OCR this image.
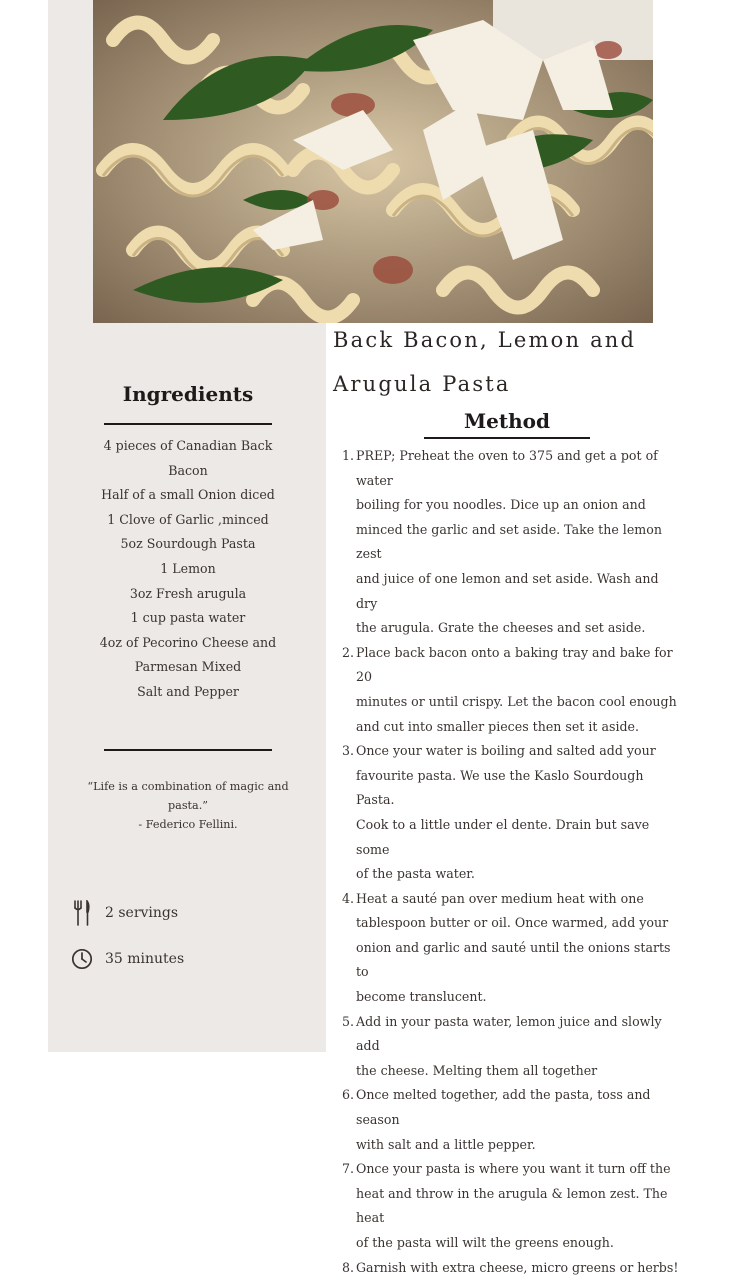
Back Bacon, Lemon and
Arugula Pasta
Ingredients
4 pieces of Canadian Back
Bacon
Half of a small Onion diced
1 Clove of Garlic ,minced
5oz Sourdough Pasta
1 Lemon
3oz Fresh arugula
1 cup pasta water
4oz of Pecorino Cheese and
Parmesan Mixed
Salt and Pepper

“Life is a combination of magic and

pasta.”

- Federico Fellini.

2 servings
35 minutes
Method
1. PREP; Preheat the oven to 375 and get a pot of water
boiling for you noodles. Dice up an onion and
minced the garlic and set aside. Take the lemon zest
and juice of one lemon and set aside. Wash and dry
the arugula. Grate the cheeses and set aside.
2. Place back bacon onto a baking tray and bake for 20
minutes or until crispy. Let the bacon cool enough
and cut into smaller pieces then set it aside.
3. Once your water is boiling and salted add your
favourite pasta. We use the Kaslo Sourdough Pasta.
Cook to a little under el dente. Drain but save some
of the pasta water.
4. Heat a sauté pan over medium heat with one
tablespoon butter or oil. Once warmed, add your
onion and garlic and sauté until the onions starts to
become translucent.
5. Add in your pasta water, lemon juice and slowly add
the cheese. Melting them all together
6. Once melted together, add the pasta, toss and season
with salt and a little pepper.
7. Once your pasta is where you want it turn off the
heat and throw in the arugula & lemon zest. The heat
of the pasta will wilt the greens enough.
8. Garnish with extra cheese, micro greens or herbs!
